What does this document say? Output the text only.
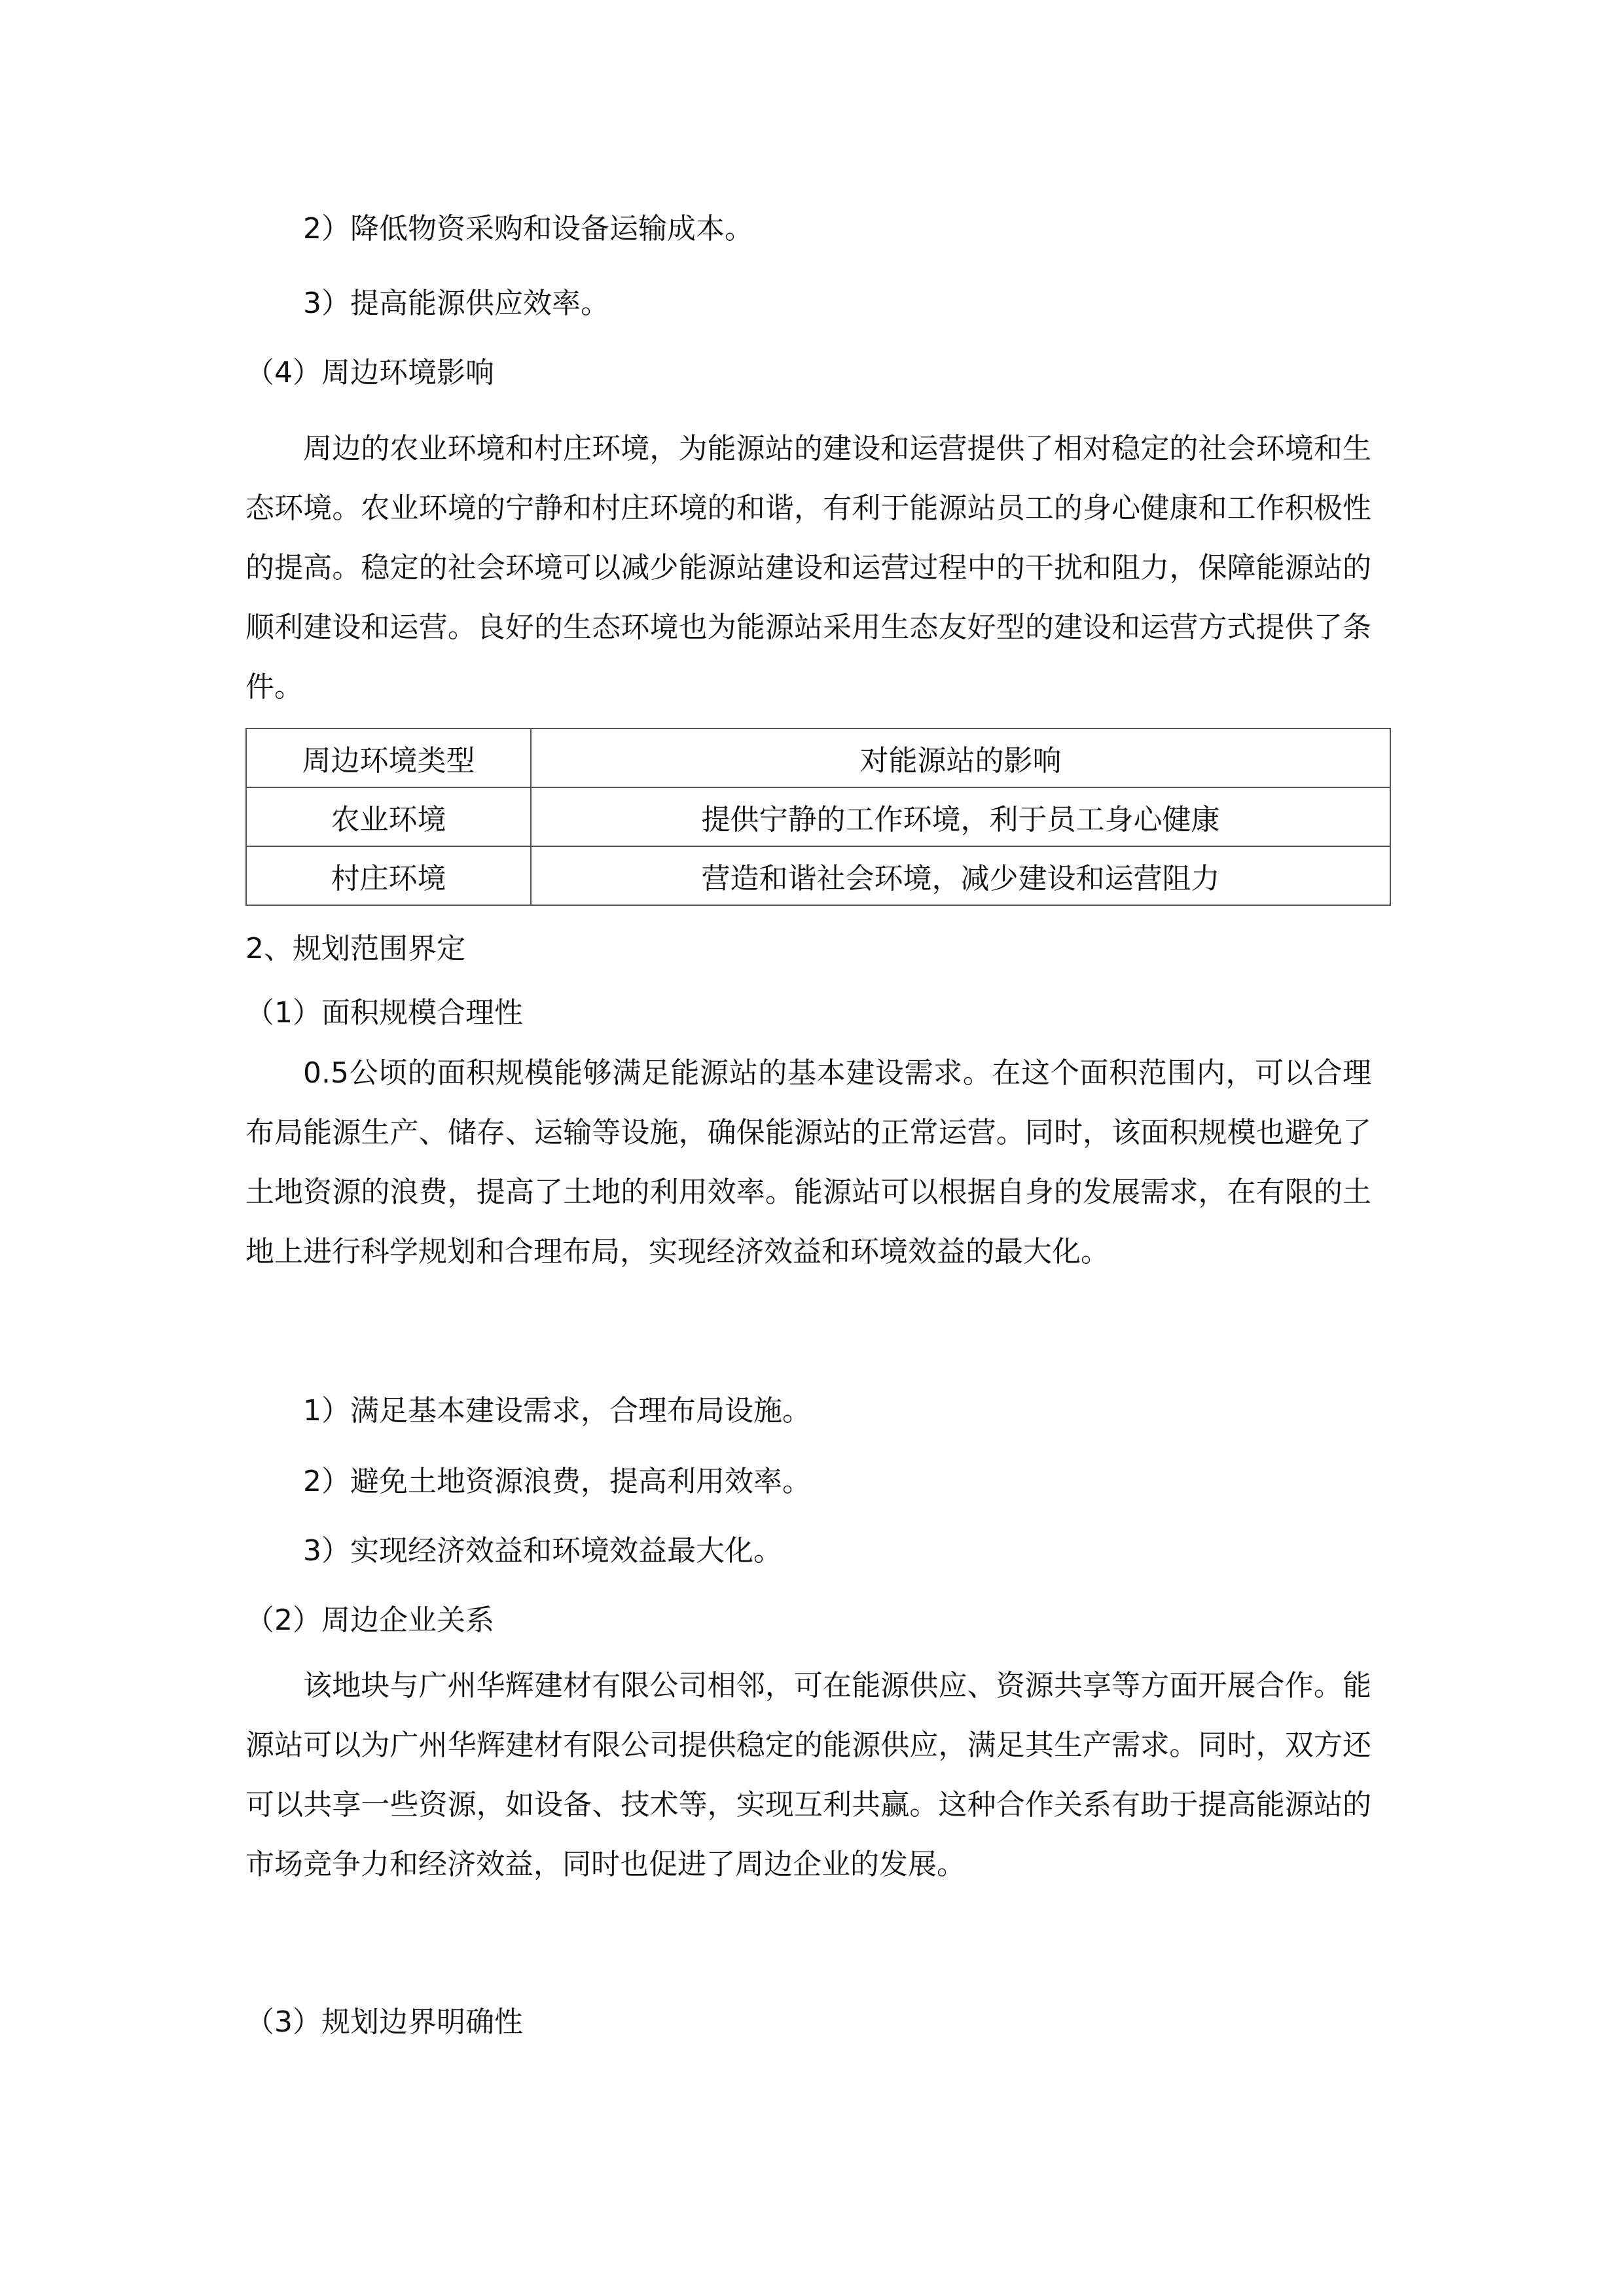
2）降低物资采购和设备运输成本。
3）提高能源供应效率。
（4）周边环境影响
周边的农业环境和村庄环境，为能源站的建设和运营提供了相对稳定的社会环境和生态环境。农业环境的宁静和村庄环境的和谐，有利于能源站员工的身心健康和工作积极性的提高。稳定的社会环境可以减少能源站建设和运营过程中的干扰和阻力，保障能源站的顺利建设和运营。良好的生态环境也为能源站采用生态友好型的建设和运营方式提供了条件。
周边环境类型	对能源站的影响
农业环境	提供宁静的工作环境，利于员工身心健康
村庄环境	营造和谐社会环境，减少建设和运营阻力
2、规划范围界定
（1）面积规模合理性
0.5公顷的面积规模能够满足能源站的基本建设需求。在这个面积范围内，可以合理布局能源生产、储存、运输等设施，确保能源站的正常运营。同时，该面积规模也避免了土地资源的浪费，提高了土地的利用效率。能源站可以根据自身的发展需求，在有限的土地上进行科学规划和合理布局，实现经济效益和环境效益的最大化。
1）满足基本建设需求，合理布局设施。
2）避免土地资源浪费，提高利用效率。
3）实现经济效益和环境效益最大化。
（2）周边企业关系
该地块与广州华辉建材有限公司相邻，可在能源供应、资源共享等方面开展合作。能源站可以为广州华辉建材有限公司提供稳定的能源供应，满足其生产需求。同时，双方还可以共享一些资源，如设备、技术等，实现互利共赢。这种合作关系有助于提高能源站的市场竞争力和经济效益，同时也促进了周边企业的发展。
（3）规划边界明确性
